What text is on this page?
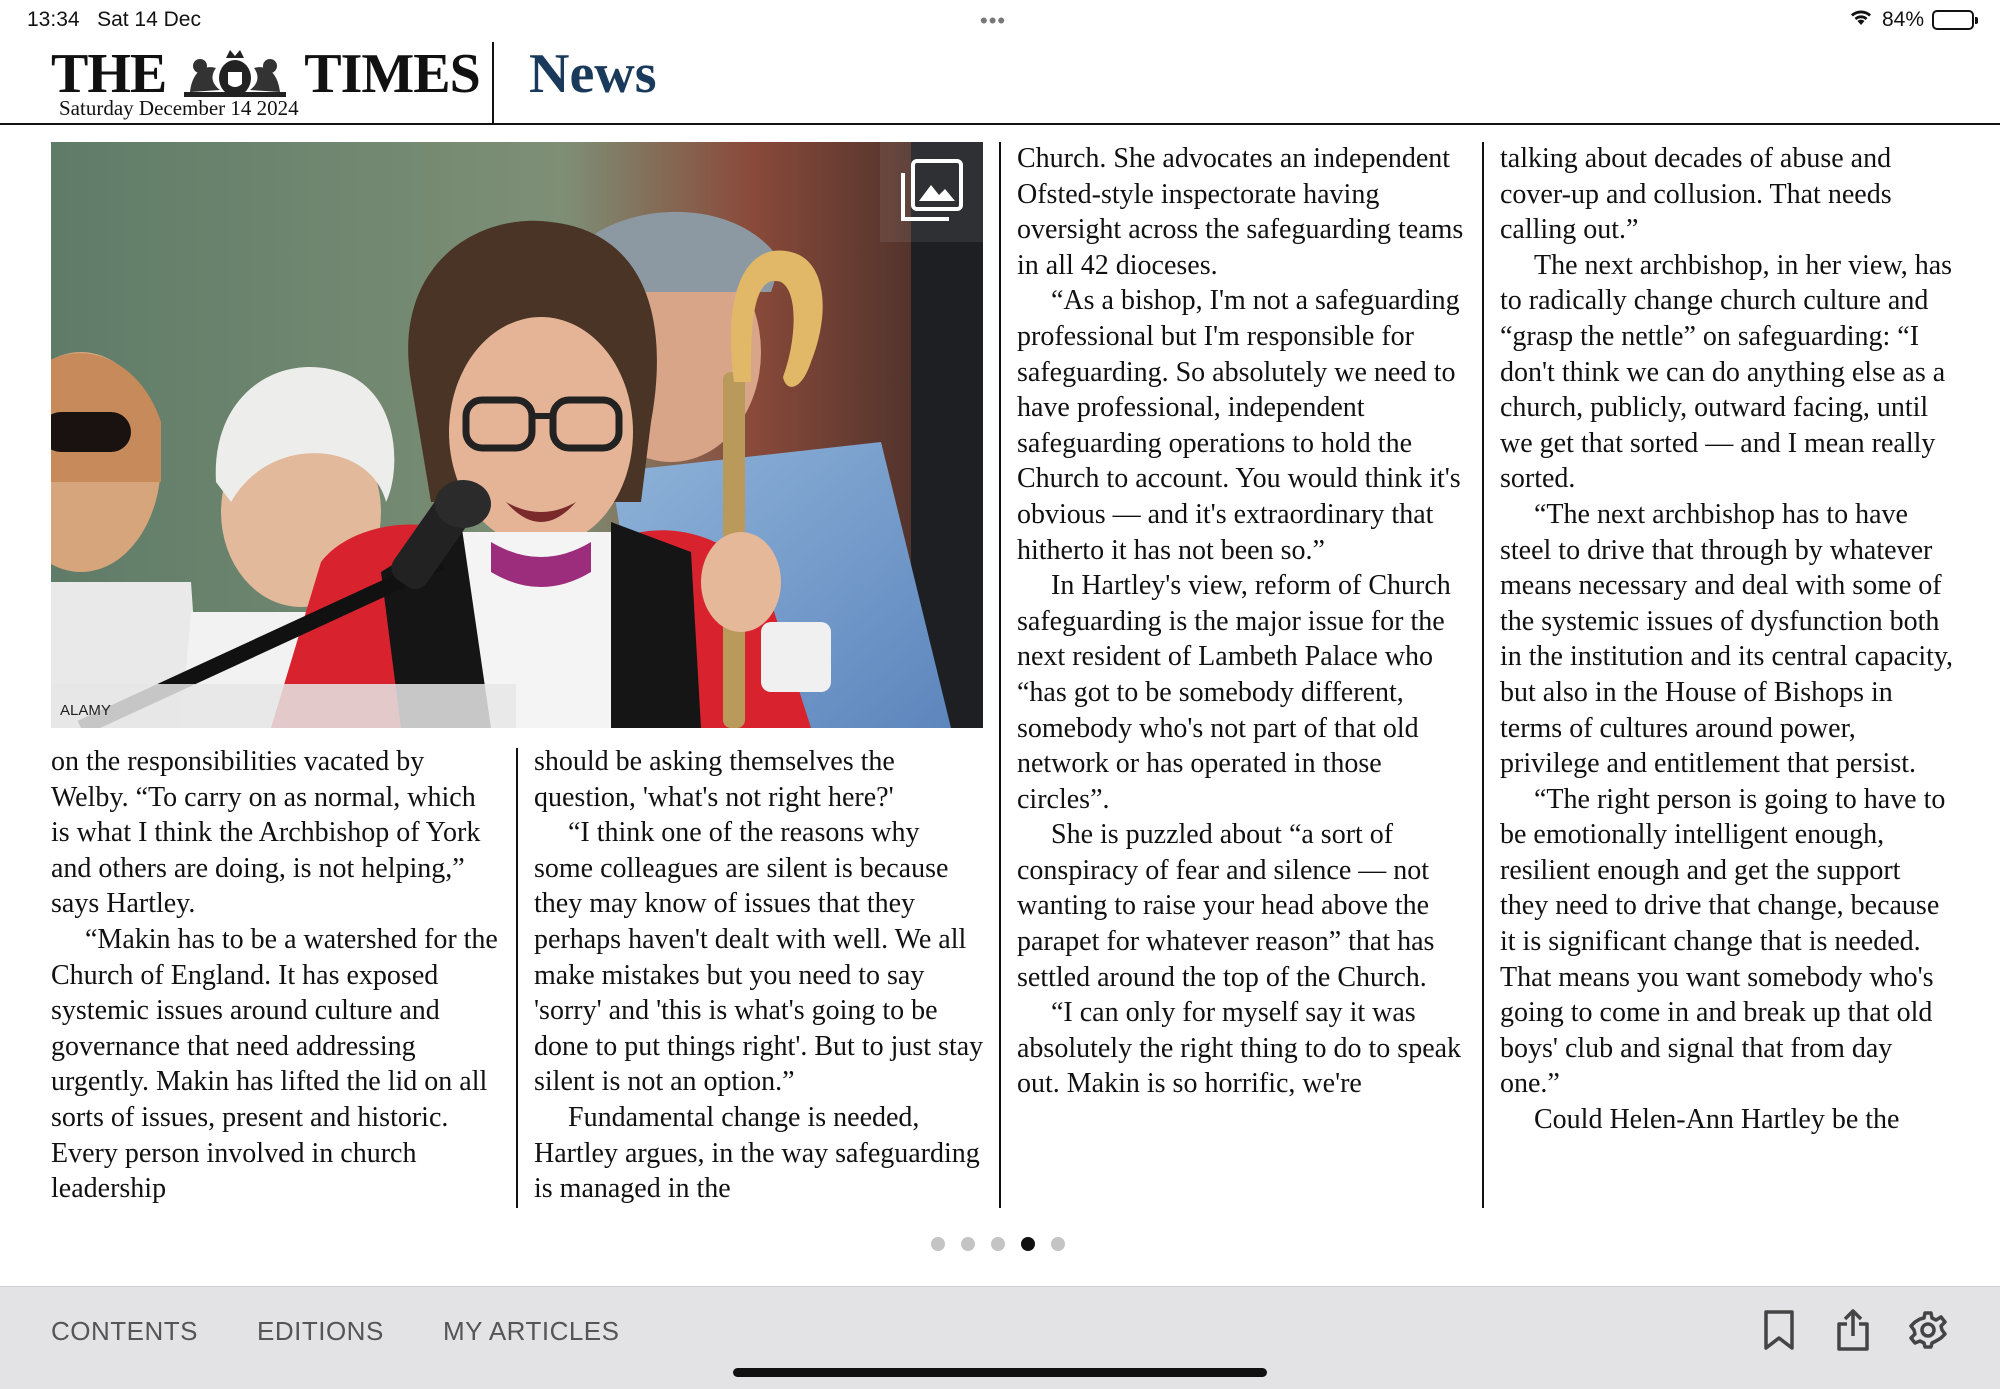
13:34 Sat 14 Dec	•••	84%
THE TIMES
Saturday December 14 2024
News
ALAMY

on the responsibilities vacated by Welby. “To carry on as normal, which is what I think the Archbishop of York and others are doing, is not helping,” says Hartley.

“Makin has to be a watershed for the Church of England. It has exposed systemic issues around culture and governance that need addressing urgently. Makin has lifted the lid on all sorts of issues, present and historic. Every person involved in church leadership

should be asking themselves the question, 'what's not right here?'

“I think one of the reasons why some colleagues are silent is because they may know of issues that they perhaps haven't dealt with well. We all make mistakes but you need to say 'sorry' and 'this is what's going to be done to put things right'. But to just stay silent is not an option.”

Fundamental change is needed, Hartley argues, in the way safeguarding is managed in the

Church. She advocates an independent Ofsted-style inspectorate having oversight across the safeguarding teams in all 42 dioceses.

“As a bishop, I'm not a safeguarding professional but I'm responsible for safeguarding. So absolutely we need to have professional, independent safeguarding operations to hold the Church to account. You would think it's obvious — and it's extraordinary that hitherto it has not been so.”

In Hartley's view, reform of Church safeguarding is the major issue for the next resident of Lambeth Palace who “has got to be somebody different, somebody who's not part of that old network or has operated in those circles”.

She is puzzled about “a sort of conspiracy of fear and silence — not wanting to raise your head above the parapet for whatever reason” that has settled around the top of the Church.

“I can only for myself say it was absolutely the right thing to do to speak out. Makin is so horrific, we're

talking about decades of abuse and cover-up and collusion. That needs calling out.”

The next archbishop, in her view, has to radically change church culture and “grasp the nettle” on safeguarding: “I don't think we can do anything else as a church, publicly, outward facing, until we get that sorted — and I mean really sorted.

“The next archbishop has to have steel to drive that through by whatever means necessary and deal with some of the systemic issues of dysfunction both in the institution and its central capacity, but also in the House of Bishops in terms of cultures around power, privilege and entitlement that persist.

“The right person is going to have to be emotionally intelligent enough, resilient enough and get the support they need to drive that change, because it is significant change that is needed. That means you want somebody who's going to come in and break up that old boys' club and signal that from day one.”

Could Helen-Ann Hartley be the

CONTENTS EDITIONS MY ARTICLES
